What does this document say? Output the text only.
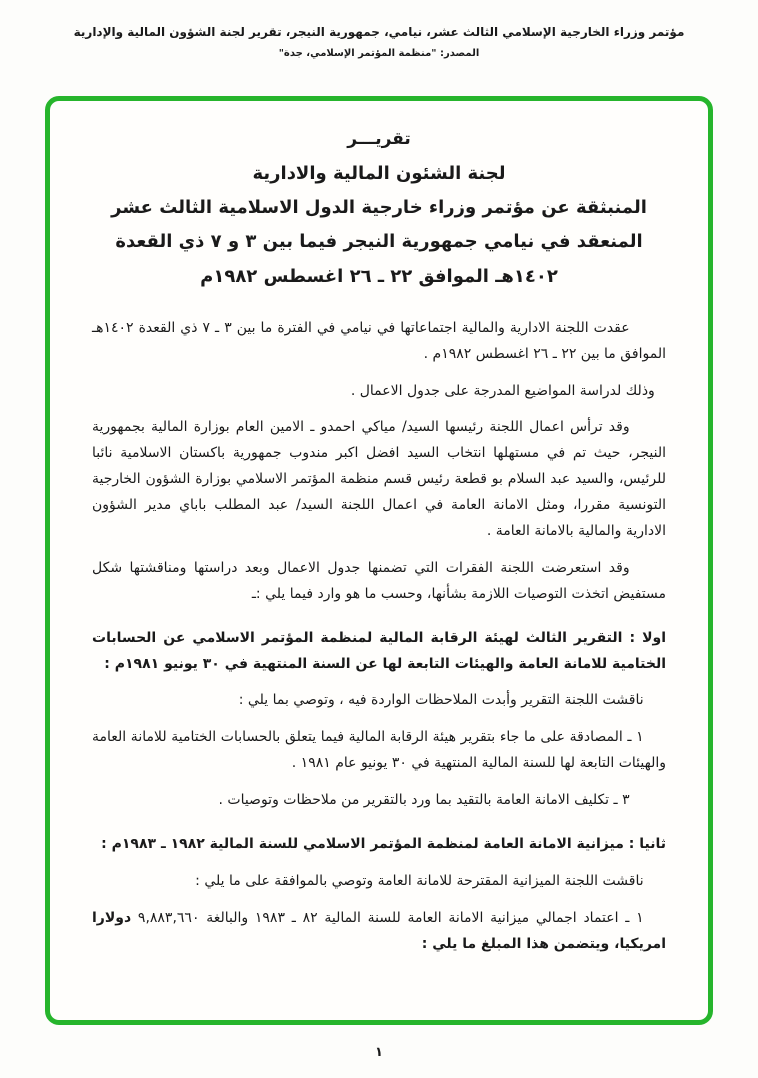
مؤتمر وزراء الخارجية الإسلامي الثالث عشر، نيامي، جمهورية النيجر، تقرير لجنة الشؤون المالية والإدارية
المصدر: "منظمة المؤتمر الإسلامي، جدة"
تقريـــر
لجنة الشئون المالية والادارية
المنبثقة عن مؤتمر وزراء خارجية الدول الاسلامية الثالث عشر
المنعقد في نيامي جمهورية النيجر فيما بين ٣ و ٧ ذي القعدة
١٤٠٢هـ الموافق ٢٢ ـ ٢٦ اغسطس ١٩٨٢م

عقدت اللجنة الادارية والمالية اجتماعاتها في نيامي في الفترة ما بين ٣ ـ ٧ ذي القعدة ١٤٠٢هـ الموافق ما بين ٢٢ ـ ٢٦ اغسطس ١٩٨٢م .

وذلك لدراسة المواضيع المدرجة على جدول الاعمال .

وقد ترأس اعمال اللجنة رئيسها السيد/ مياكي احمدو ـ الامين العام بوزارة المالية بجمهورية النيجر، حيث تم في مستهلها انتخاب السيد افضل اكبر مندوب جمهورية باكستان الاسلامية نائبا للرئيس، والسيد عبد السلام بو قطعة رئيس قسم منظمة المؤتمر الاسلامي بوزارة الشؤون الخارجية التونسية مقررا، ومثل الامانة العامة في اعمال اللجنة السيد/ عبد المطلب باباي مدير الشؤون الادارية والمالية بالامانة العامة .

وقد استعرضت اللجنة الفقرات التي تضمنها جدول الاعمال وبعد دراستها ومناقشتها شكل مستفيض اتخذت التوصيات اللازمة بشأنها، وحسب ما هو وارد فيما يلي :ـ

اولا : التقرير الثالث لهيئة الرقابة المالية لمنظمة المؤتمر الاسلامي عن الحسابات الختامية للامانة العامة والهيئات التابعة لها عن السنة المنتهية في ٣٠ يونيو ١٩٨١م :

ناقشت اللجنة التقرير وأبدت الملاحظات الواردة فيه ، وتوصي بما يلي :

١ ـ المصادقة على ما جاء بتقرير هيئة الرقابة المالية فيما يتعلق بالحسابات الختامية للامانة العامة والهيئات التابعة لها للسنة المالية المنتهية في ٣٠ يونيو عام ١٩٨١ .

٣ ـ تكليف الامانة العامة بالتقيد بما ورد بالتقرير من ملاحظات وتوصيات .

ثانيا : ميزانية الامانة العامة لمنظمة المؤتمر الاسلامي للسنة المالية ١٩٨٢ ـ ١٩٨٣م :

ناقشت اللجنة الميزانية المقترحة للامانة العامة وتوصي بالموافقة على ما يلي :

١ ـ اعتماد اجمالي ميزانية الامانة العامة للسنة المالية ٨٢ ـ ١٩٨٣ والبالغة ٩,٨٨٣,٦٦٠ دولارا امريكيا، ويتضمن هذا المبلغ ما يلي :

١
